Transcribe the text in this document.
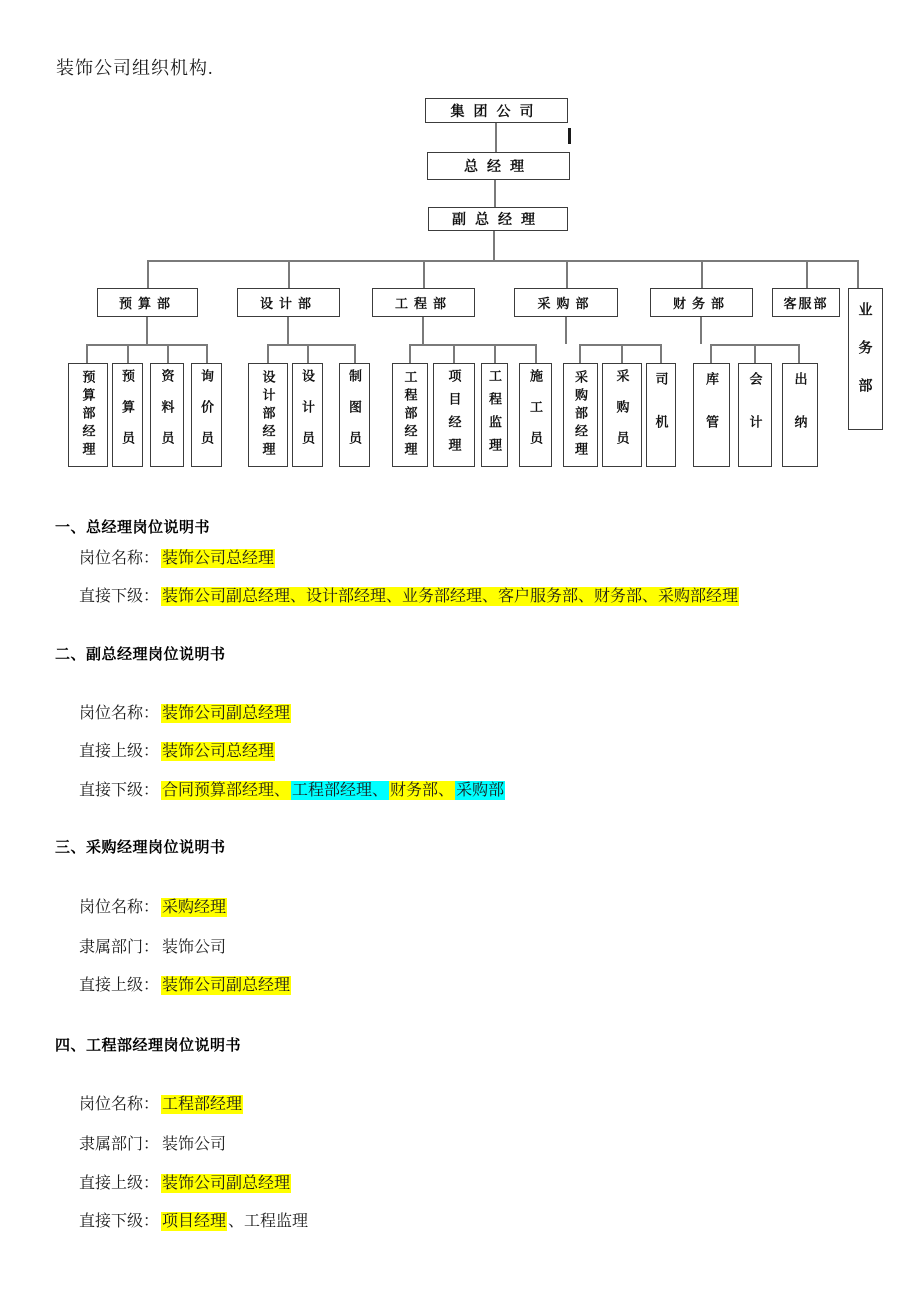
装饰公司组织机构.
集团公司
总经理
副总经理
预算部	设计部	工程部	采购部	财务部	客服部	业务部
预算部经理	预算员	资料员	询价员	设计部经理	设计员	制图员	工程部经理	项目经理	工程监理	施工员	采购部经理	采购员	司机	库管	会计	出纳
一、总经理岗位说明书
岗位名称： 装饰公司总经理
直接下级： 装饰公司副总经理、设计部经理、业务部经理、客户服务部、财务部、采购部经理
二、副总经理岗位说明书
岗位名称： 装饰公司副总经理
直接上级： 装饰公司总经理
直接下级： 合同预算部经理、 工程部经理、 财务部、 采购部
三、采购经理岗位说明书
岗位名称： 采购经理
隶属部门： 装饰公司
直接上级： 装饰公司副总经理
四、工程部经理岗位说明书
岗位名称： 工程部经理
隶属部门： 装饰公司
直接上级： 装饰公司副总经理
直接下级： 项目经理 、工程监理
